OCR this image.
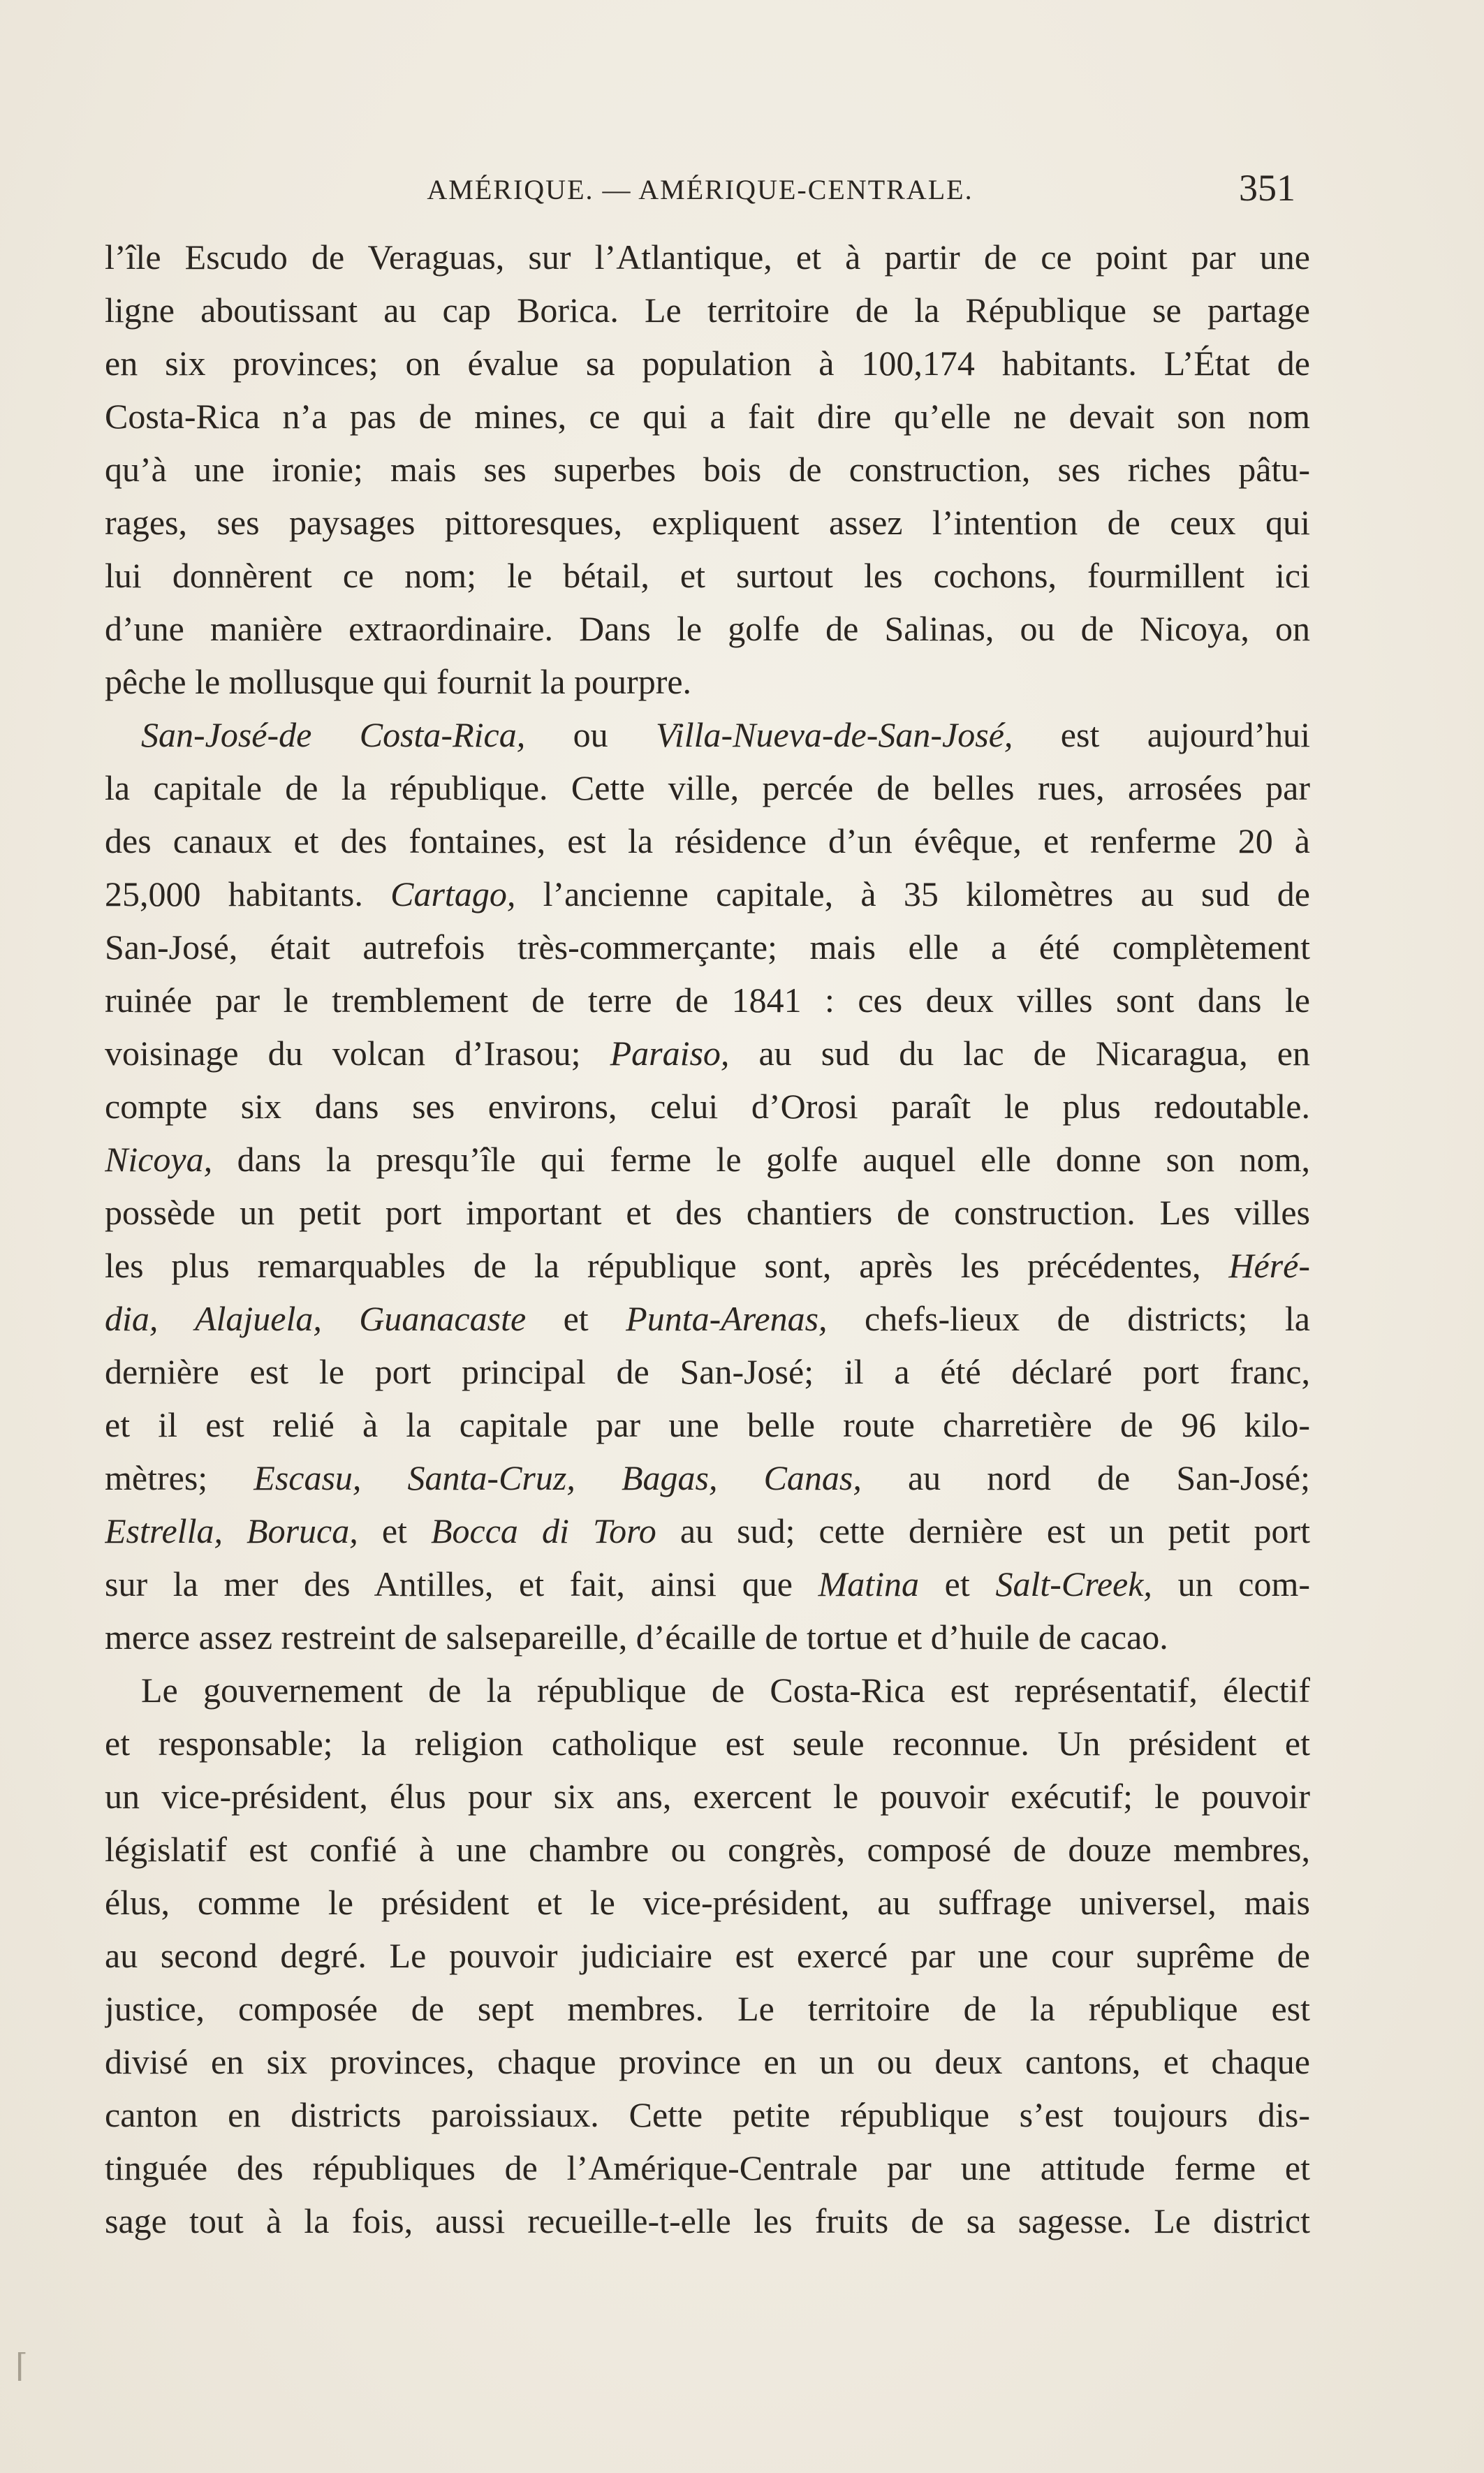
AMÉRIQUE. — AMÉRIQUE-CENTRALE.	351
l’île Escudo de Veraguas, sur l’Atlantique, et à partir de ce point par une
ligne aboutissant au cap Borica. Le territoire de la République se partage
en six provinces; on évalue sa population à 100,174 habitants. L’État de
Costa-Rica n’a pas de mines, ce qui a fait dire qu’elle ne devait son nom
qu’à une ironie; mais ses superbes bois de construction, ses riches pâtu-
rages, ses paysages pittoresques, expliquent assez l’intention de ceux qui
lui donnèrent ce nom; le bétail, et surtout les cochons, fourmillent ici
d’une manière extraordinaire. Dans le golfe de Salinas, ou de Nicoya, on
pêche le mollusque qui fournit la pourpre.
San-José-de Costa-Rica, ou Villa-Nueva-de-San-José, est aujourd’hui
la capitale de la république. Cette ville, percée de belles rues, arrosées par
des canaux et des fontaines, est la résidence d’un évêque, et renferme 20 à
25,000 habitants. Cartago, l’ancienne capitale, à 35 kilomètres au sud de
San-José, était autrefois très-commerçante; mais elle a été complètement
ruinée par le tremblement de terre de 1841 : ces deux villes sont dans le
voisinage du volcan d’Irasou; Paraiso, au sud du lac de Nicaragua, en
compte six dans ses environs, celui d’Orosi paraît le plus redoutable.
Nicoya, dans la presqu’île qui ferme le golfe auquel elle donne son nom,
possède un petit port important et des chantiers de construction. Les villes
les plus remarquables de la république sont, après les précédentes, Héré-
dia, Alajuela, Guanacaste et Punta-Arenas, chefs-lieux de districts; la
dernière est le port principal de San-José; il a été déclaré port franc,
et il est relié à la capitale par une belle route charretière de 96 kilo-
mètres; Escasu, Santa-Cruz, Bagas, Canas, au nord de San-José;
Estrella, Boruca, et Bocca di Toro au sud; cette dernière est un petit port
sur la mer des Antilles, et fait, ainsi que Matina et Salt-Creek, un com-
merce assez restreint de salsepareille, d’écaille de tortue et d’huile de cacao.
Le gouvernement de la république de Costa-Rica est représentatif, électif
et responsable; la religion catholique est seule reconnue. Un président et
un vice-président, élus pour six ans, exercent le pouvoir exécutif; le pouvoir
législatif est confié à une chambre ou congrès, composé de douze membres,
élus, comme le président et le vice-président, au suffrage universel, mais
au second degré. Le pouvoir judiciaire est exercé par une cour suprême de
justice, composée de sept membres. Le territoire de la république est
divisé en six provinces, chaque province en un ou deux cantons, et chaque
canton en districts paroissiaux. Cette petite république s’est toujours dis-
tinguée des républiques de l’Amérique-Centrale par une attitude ferme et
sage tout à la fois, aussi recueille-t-elle les fruits de sa sagesse. Le district
⌈
